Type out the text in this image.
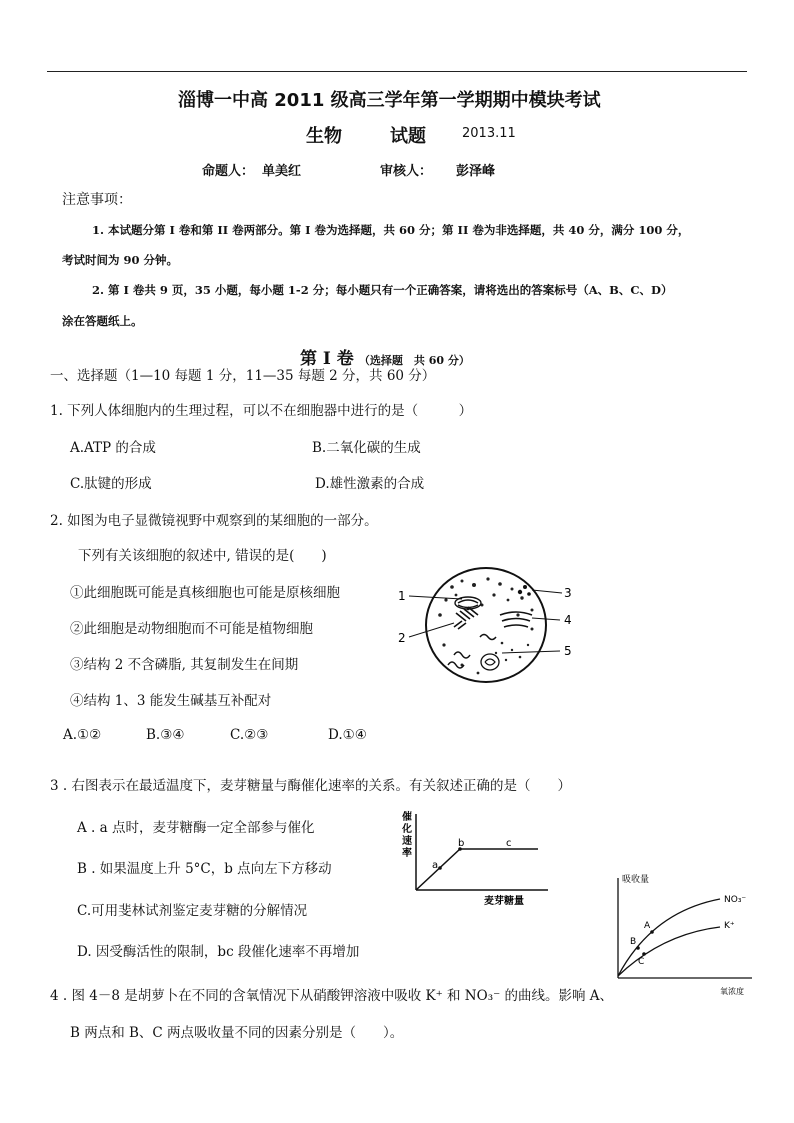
淄博一中高 2011 级高三学年第一学期期中模块考试
生物	试题	2013.11
命题人： 单美红	审核人： 彭泽峰
注意事项：
1. 本试题分第 I 卷和第 II 卷两部分。第 I 卷为选择题，共 60 分；第 II 卷为非选择题，共 40 分，满分 100 分，
考试时间为 90 分钟。
2. 第 I 卷共 9 页，35 小题，每小题 1-2 分；每小题只有一个正确答案，请将选出的答案标号（A、B、C、D）
涂在答题纸上。
第 I 卷 （选择题　共 60 分）
一、选择题（1—10 每题 1 分，11—35 每题 2 分，共 60 分）
1. 下列人体细胞内的生理过程，可以不在细胞器中进行的是（　　　）
A.ATP 的合成	B.二氧化碳的生成
C.肽键的形成	D.雄性激素的合成
2. 如图为电子显微镜视野中观察到的某细胞的一部分。
下列有关该细胞的叙述中, 错误的是(　　)
①此细胞既可能是真核细胞也可能是原核细胞
②此细胞是动物细胞而不可能是植物细胞
③结构 2 不含磷脂, 其复制发生在间期
④结构 1、3 能发生碱基互补配对
A.①②	B.③④	C.②③	D.①④
1
2
3
4
5
3 . 右图表示在最适温度下，麦芽糖量与酶催化速率的关系。有关叙述正确的是（　　）
A . a 点时，麦芽糖酶一定全部参与催化
B . 如果温度上升 5°C，b 点向左下方移动
C.可用斐林试剂鉴定麦芽糖的分解情况
D. 因受酶活性的限制，bc 段催化速率不再增加
催
化
速
率
a
b	c
麦芽糖量
吸收量
A
B
C
NO₃⁻
K⁺
氧浓度
4 . 图 4－8 是胡萝卜在不同的含氧情况下从硝酸钾溶液中吸收 K⁺ 和 NO₃⁻ 的曲线。影响 A、
B 两点和 B、C 两点吸收量不同的因素分别是（　　）。
